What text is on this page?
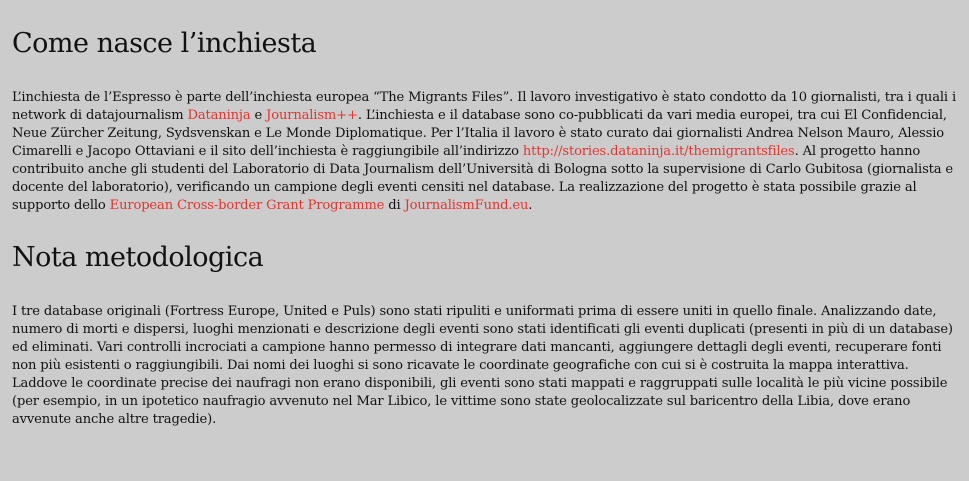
Come nasce l’inchiesta

L’inchiesta de l’Espresso è parte dell’inchiesta europea “The Migrants Files”. Il lavoro investigativo è stato condotto da 10 giornalisti, tra i quali i network di datajournalism Dataninja e Journalism++. L’inchiesta e il database sono co-pubblicati da vari media europei, tra cui El Confidencial, Neue Zürcher Zeitung, Sydsvenskan e Le Monde Diplomatique. Per l’Italia il lavoro è stato curato dai giornalisti Andrea Nelson Mauro, Alessio Cimarelli e Jacopo Ottaviani e il sito dell’inchiesta è raggiungibile all’indirizzo http://stories.dataninja.it/themigrantsfiles. Al progetto hanno contribuito anche gli studenti del Laboratorio di Data Journalism dell’Università di Bologna sotto la supervisione di Carlo Gubitosa (giornalista e docente del laboratorio), verificando un campione degli eventi censiti nel database. La realizzazione del progetto è stata possibile grazie al supporto dello European Cross-border Grant Programme di JournalismFund.eu.

Nota metodologica

I tre database originali (Fortress Europe, United e Puls) sono stati ripuliti e uniformati prima di essere uniti in quello finale. Analizzando date, numero di morti e dispersi, luoghi menzionati e descrizione degli eventi sono stati identificati gli eventi duplicati (presenti in più di un database) ed eliminati. Vari controlli incrociati a campione hanno permesso di integrare dati mancanti, aggiungere dettagli degli eventi, recuperare fonti non più esistenti o raggiungibili. Dai nomi dei luoghi si sono ricavate le coordinate geografiche con cui si è costruita la mappa interattiva. Laddove le coordinate precise dei naufragi non erano disponibili, gli eventi sono stati mappati e raggruppati sulle località le più vicine possibile (per esempio, in un ipotetico naufragio avvenuto nel Mar Libico, le vittime sono state geolocalizzate sul baricentro della Libia, dove erano avvenute anche altre tragedie).
